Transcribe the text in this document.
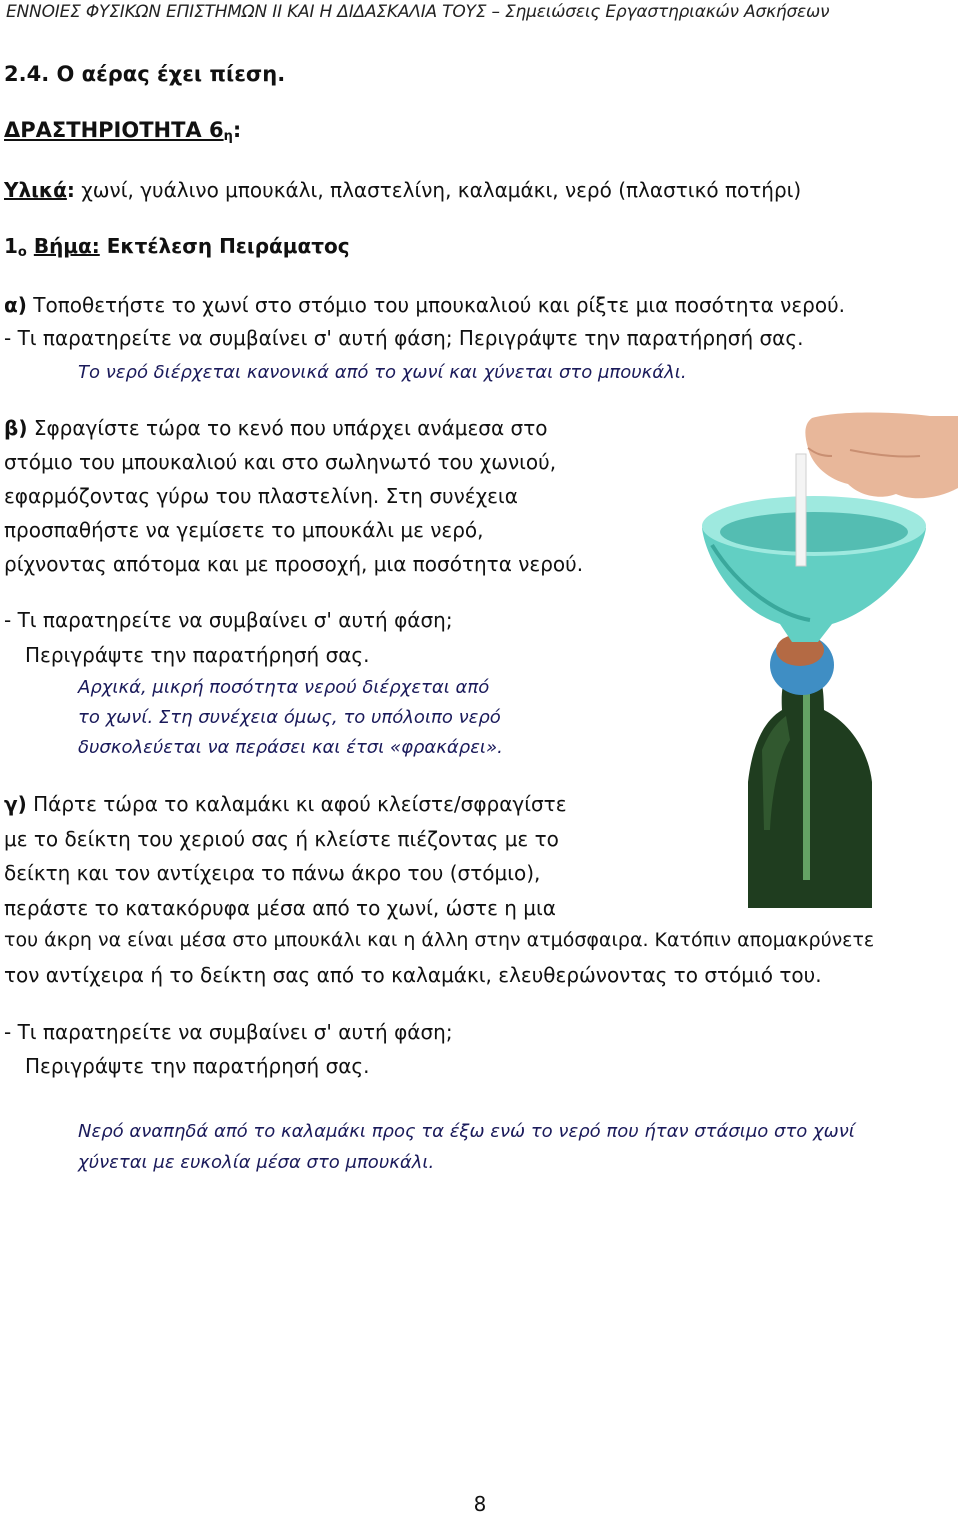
ΕΝΝΟΙΕΣ ΦΥΣΙΚΩΝ ΕΠΙΣΤΗΜΩΝ ΙΙ ΚΑΙ Η ΔΙΔΑΣΚΑΛΙΑ ΤΟΥΣ – Σημειώσεις Εργαστηριακών Ασκήσεων
2.4. Ο αέρας έχει πίεση.
ΔΡΑΣΤΗΡΙΟΤΗΤΑ $6_\eta$:
Υλικά: χωνί, γυάλινο μπουκάλι, πλαστελίνη, καλαμάκι, νερό (πλαστικό ποτήρι)
$1_o$ Βήμα: Εκτέλεση Πειράματος
α) Τοποθετήστε το χωνί στο στόμιο του μπουκαλιού και ρίξτε μια ποσότητα νερού.
- Τι παρατηρείτε να συμβαίνει σ' αυτή φάση; Περιγράψτε την παρατήρησή σας.
Το νερό διέρχεται κανονικά από το χωνί και χύνεται στο μπουκάλι.
β) Σφραγίστε τώρα το κενό που υπάρχει ανάμεσα στο
στόμιο του μπουκαλιού και στο σωληνωτό του χωνιού,
εφαρμόζοντας γύρω του πλαστελίνη. Στη συνέχεια
προσπαθήστε να γεμίσετε το μπουκάλι με νερό,
ρίχνοντας απότομα και με προσοχή, μια ποσότητα νερού.
- Τι παρατηρείτε να συμβαίνει σ' αυτή φάση;
Περιγράψτε την παρατήρησή σας.
Αρχικά, μικρή ποσότητα νερού διέρχεται από
το χωνί. Στη συνέχεια όμως, το υπόλοιπο νερό
δυσκολεύεται να περάσει και έτσι «φρακάρει».
γ) Πάρτε τώρα το καλαμάκι κι αφού κλείστε/σφραγίστε
με το δείκτη του χεριού σας ή κλείστε πιέζοντας με το
δείκτη και τον αντίχειρα το πάνω άκρο του (στόμιο),
περάστε το κατακόρυφα μέσα από το χωνί, ώστε η μια
του άκρη να είναι μέσα στο μπουκάλι και η άλλη στην ατμόσφαιρα. Κατόπιν απομακρύνετε
τον αντίχειρα ή το δείκτη σας από το καλαμάκι, ελευθερώνοντας το στόμιό του.
- Τι παρατηρείτε να συμβαίνει σ' αυτή φάση;
Περιγράψτε την παρατήρησή σας.
Νερό αναπηδά από το καλαμάκι προς τα έξω ενώ το νερό που ήταν στάσιμο στο χωνί
χύνεται με ευκολία μέσα στο μπουκάλι.
8
